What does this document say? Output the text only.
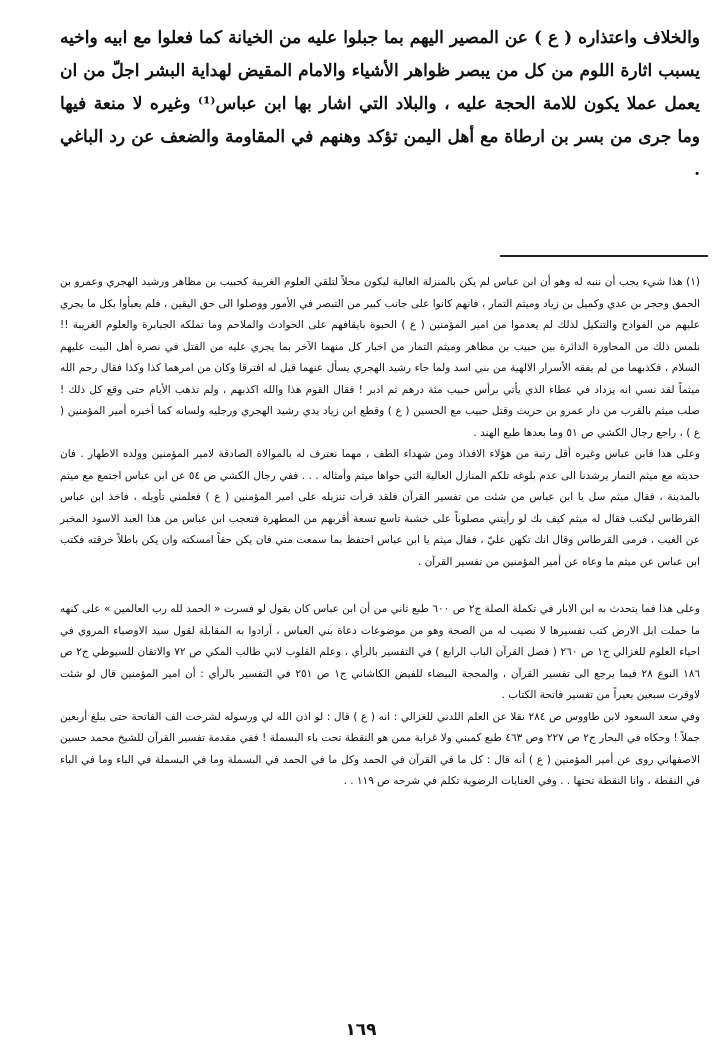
والخلاف واعتذاره ( ع ) عن المصير اليهم بما جبلوا عليه من الخيانة كما فعلوا مع ابيه واخيه يسبب اثارة اللوم من كل من يبصر ظواهر الأشياء والامام المقيض لهداية البشر اجلّ من ان يعمل عملا يكون للامة الحجة عليه ، والبلاد التي اشار بها ابن عباس⁽¹⁾ وغيره لا منعة فيها وما جرى من بسر بن ارطاة مع أهل اليمن تؤكد وهنهم في المقاومة والضعف عن رد الباغي .

(١) هذا شيء يجب أن ننبه له وهو أن ابن عباس لم يكن بالمنزلة العالية ليكون محلاً لتلقي العلوم الغريبة كحبيب بن مظاهر ورشيد الهجري وعمرو بن الحمق وحجر بن عدي وكميل بن زياد وميثم التمار ، فانهم كانوا على جانب كبير من التبصر في الأمور ووصلوا الى حق اليقين ، فلم يعبأوا بكل ما يجري عليهم من الفوادح والتنكيل لذلك لم يعدموا من امير المؤمنين ( ع ) الحبوة بايقافهم على الحوادث والملاحم وما تملكه الجبابرة والعلوم الغريبة !! نلمس ذلك من المحاورة الدائرة بين حبيب بن مظاهر وميثم التمار من اخبار كل منهما الآخر بما يجري عليه من القتل في نصرة أهل البيت عليهم السلام ، فكذبهما من لم يفقه الأسرار الالهية من بني اسد ولما جاء رشيد الهجري يسأل عنهما قيل له افترقا وكان من امرهما كذا وكذا فقال رحم الله ميثماً لقد نسي انه يزداد في عطاء الذي يأتي برأس حبيب مئة درهم ثم ادبر ! فقال القوم هذا والله اكذبهم ، ولم تذهب الأيام حتى وقع كل ذلك ! صلب ميثم بالقرب من دار عمرو بن حريث وقتل حبيب مع الحسين ( ع ) وقطع ابن زياد يدي رشيد الهجري ورجليه ولسانه كما أخبره أمير المؤمنين ( ع ) ، راجع رجال الكشي ص ٥١ وما بعدها طبع الهند .

وعلى هذا فابن عباس وغيره أقل رتبة من هؤلاء الافذاذ ومن شهداء الطف ، مهما نعترف له بالموالاة الصادقة لامير المؤمنين وولده الاطهار . فان حديثه مع ميثم التمار يرشدنا الى عدم بلوغه تلكم المنازل العالية التي حواها ميثم وأمثاله . . . ففي رجال الكشي ص ٥٤ عن ابن عباس اجتمع مع ميثم بالمدينة ، فقال ميثم سل يا ابن عباس من شئت من تفسير القرآن فلقد قرأت تنزيله على امير المؤمنين ( ع ) فعلمني تأويله ، فاخذ ابن عباس القرطاس ليكتب فقال له ميثم كيف بك لو رأيتني مصلوباً على خشبة تاسع تسعة أقربهم من المطهرة فتعجب ابن عباس من هذا العبد الاسود المخبر عن الغيب ، فرمى القرطاس وقال انك تكهن عليّ ، فقال ميثم يا ابن عباس احتفظ بما سمعت مني فان يكن حقاً امسكته وان يكن باطلاً خرقته فكتب ابن عباس عن ميثم ما وعاه عن أمير المؤمنين من تفسير القرآن .

وعلى هذا فما يتحدث به ابن الابار في تكملة الصلة ج٢ ص ٦٠٠ طبع ثاني من أن ابن عباس كان يقول لو فسرت « الحمد لله رب العالمين » على كنهه ما حملت ابل الارض كتب تفسيرها لا نصيب له من الصحة وهو من موضوعات دعاة بني العباس ، أرادوا به المقابلة لقول سيد الاوصياء المروي في احياء العلوم للغزالي ج١ ص ٢٦٠ ( فصل القرآن الباب الرابع ) في التفسير بالرأي ، وعلم القلوب لابي طالب المكي ص ٧٢ والاتقان للسيوطي ج٢ ص ١٨٦ النوع ٢٨ فيما يرجع الى تفسير القرآن ، والمحجة البيضاء للفيض الكاشاني ج١ ص ٢٥١ في التفسير بالرأي : أن امير المؤمنين قال لو شئت لاوقرت سبعين بعيراً من تفسير فاتحة الكتاب .

وفي سعد السعود لابن طاووس ص ٢٨٤ نقلا عن العلم اللدني للغزالي : انه ( ع ) قال : لو اذن الله لي ورسوله لشرحت الف الفاتحة حتى يبلغ أربعين جملاً ! وحكاه في البحار ج٢ ص ٢٢٧ وص ٤٦٣ طبع كمبني ولا غرابة ممن هو النقطة تحت باء البسملة ! ففي مقدمة تفسير القرآن للشيخ محمد حسين الاصفهاني روى عن أمير المؤمنين ( ع ) أنه قال : كل ما في القرآن في الحمد وكل ما في الحمد في البسملة وما في البسملة في الباء وما في الباء في النقطة ، وانا النقطة تحتها . . وفي العنايات الرضوية تكلم في شرحه ص ١١٩ . .

١٦٩
